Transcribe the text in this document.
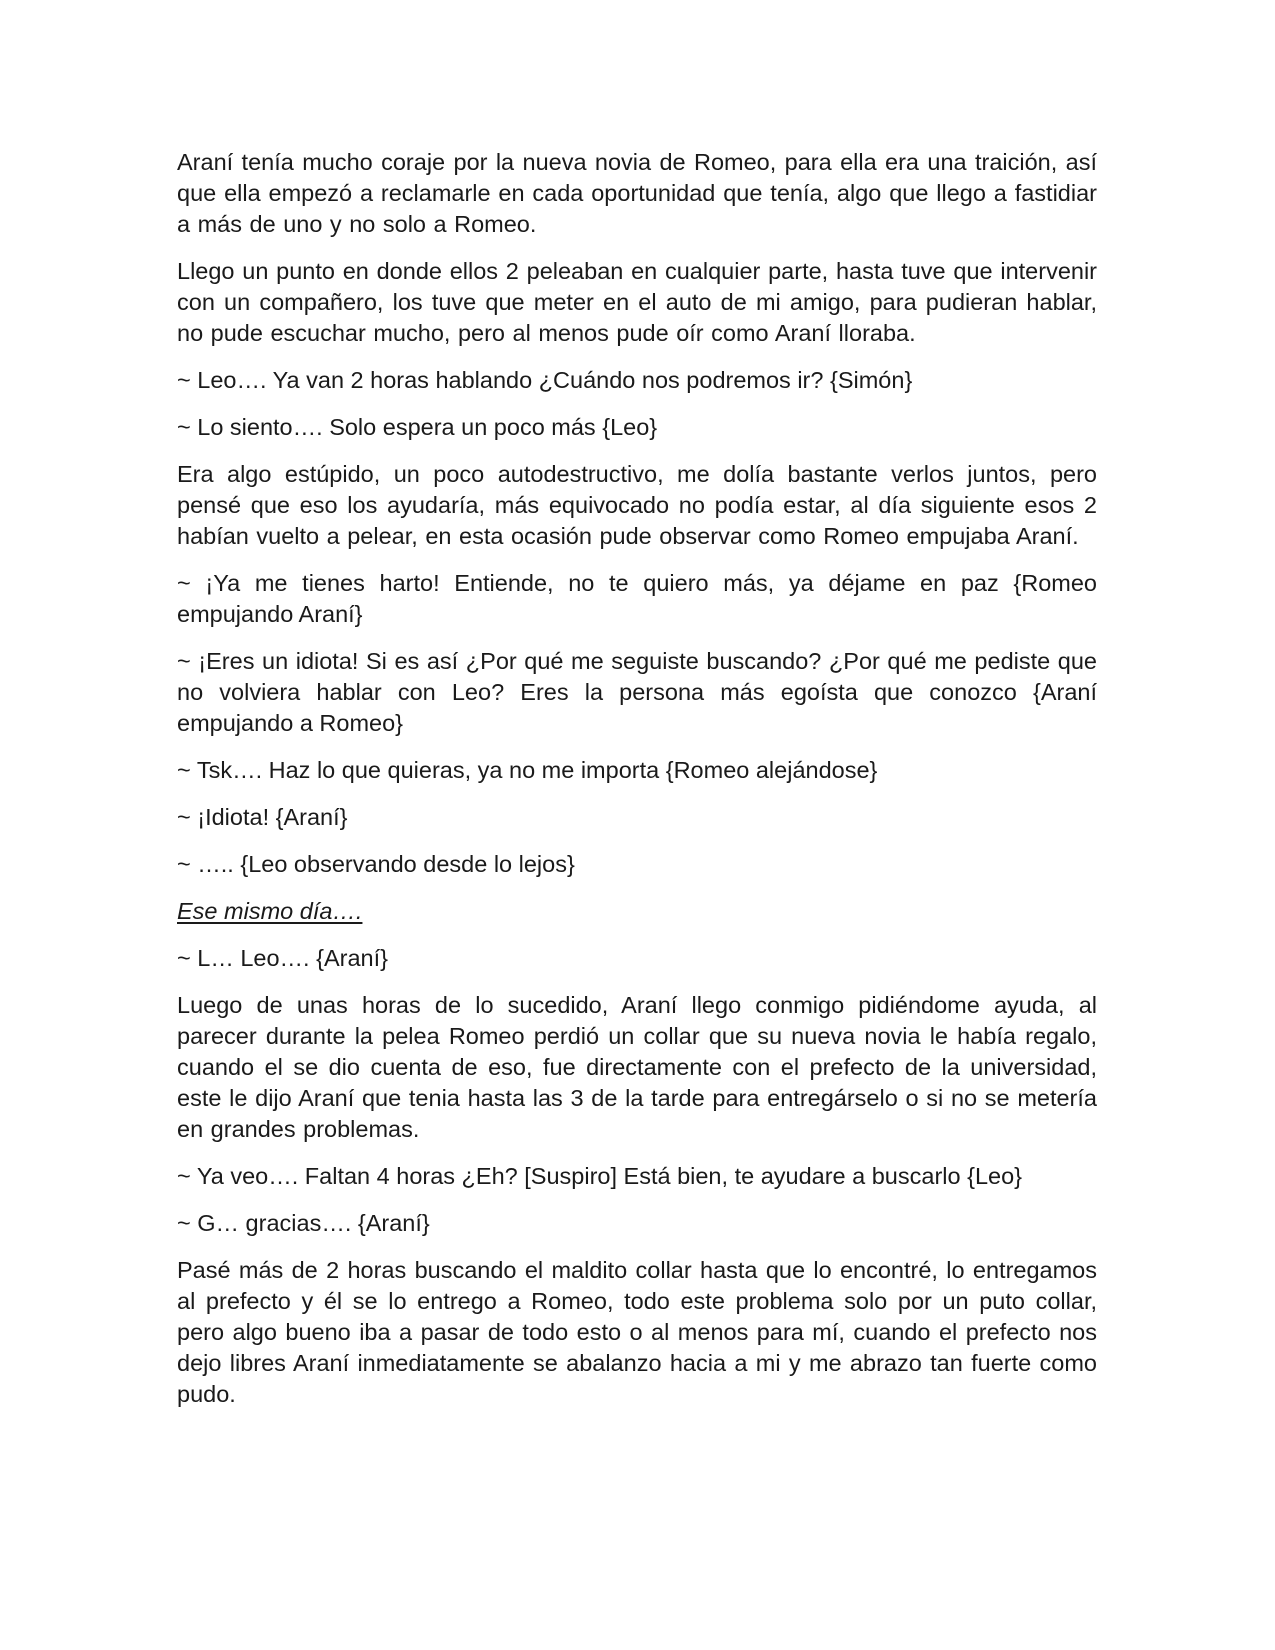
Araní tenía mucho coraje por la nueva novia de Romeo, para ella era una traición, así que ella empezó a reclamarle en cada oportunidad que tenía, algo que llego a fastidiar a más de uno y no solo a Romeo.

Llego un punto en donde ellos 2 peleaban en cualquier parte, hasta tuve que intervenir con un compañero, los tuve que meter en el auto de mi amigo, para pudieran hablar, no pude escuchar mucho, pero al menos pude oír como Araní lloraba.

~ Leo…. Ya van 2 horas hablando ¿Cuándo nos podremos ir? {Simón}

~ Lo siento…. Solo espera un poco más {Leo}

Era algo estúpido, un poco autodestructivo, me dolía bastante verlos juntos, pero pensé que eso los ayudaría, más equivocado no podía estar, al día siguiente esos 2 habían vuelto a pelear, en esta ocasión pude observar como Romeo empujaba Araní.

~ ¡Ya me tienes harto! Entiende, no te quiero más, ya déjame en paz {Romeo empujando Araní}

~ ¡Eres un idiota! Si es así ¿Por qué me seguiste buscando? ¿Por qué me pediste que no volviera hablar con Leo? Eres la persona más egoísta que conozco {Araní empujando a Romeo}

~ Tsk…. Haz lo que quieras, ya no me importa {Romeo alejándose}

~ ¡Idiota! {Araní}

~ ….. {Leo observando desde lo lejos}

Ese mismo día….

~ L… Leo…. {Araní}

Luego de unas horas de lo sucedido, Araní llego conmigo pidiéndome ayuda, al parecer durante la pelea Romeo perdió un collar que su nueva novia le había regalo, cuando el se dio cuenta de eso, fue directamente con el prefecto de la universidad, este le dijo Araní que tenia hasta las 3 de la tarde para entregárselo o si no se metería en grandes problemas.

~ Ya veo…. Faltan 4 horas ¿Eh? [Suspiro] Está bien, te ayudare a buscarlo {Leo}

~ G… gracias…. {Araní}

Pasé más de 2 horas buscando el maldito collar hasta que lo encontré, lo entregamos al prefecto y él se lo entrego a Romeo, todo este problema solo por un puto collar, pero algo bueno iba a pasar de todo esto o al menos para mí, cuando el prefecto nos dejo libres Araní inmediatamente se abalanzo hacia a mi y me abrazo tan fuerte como pudo.
